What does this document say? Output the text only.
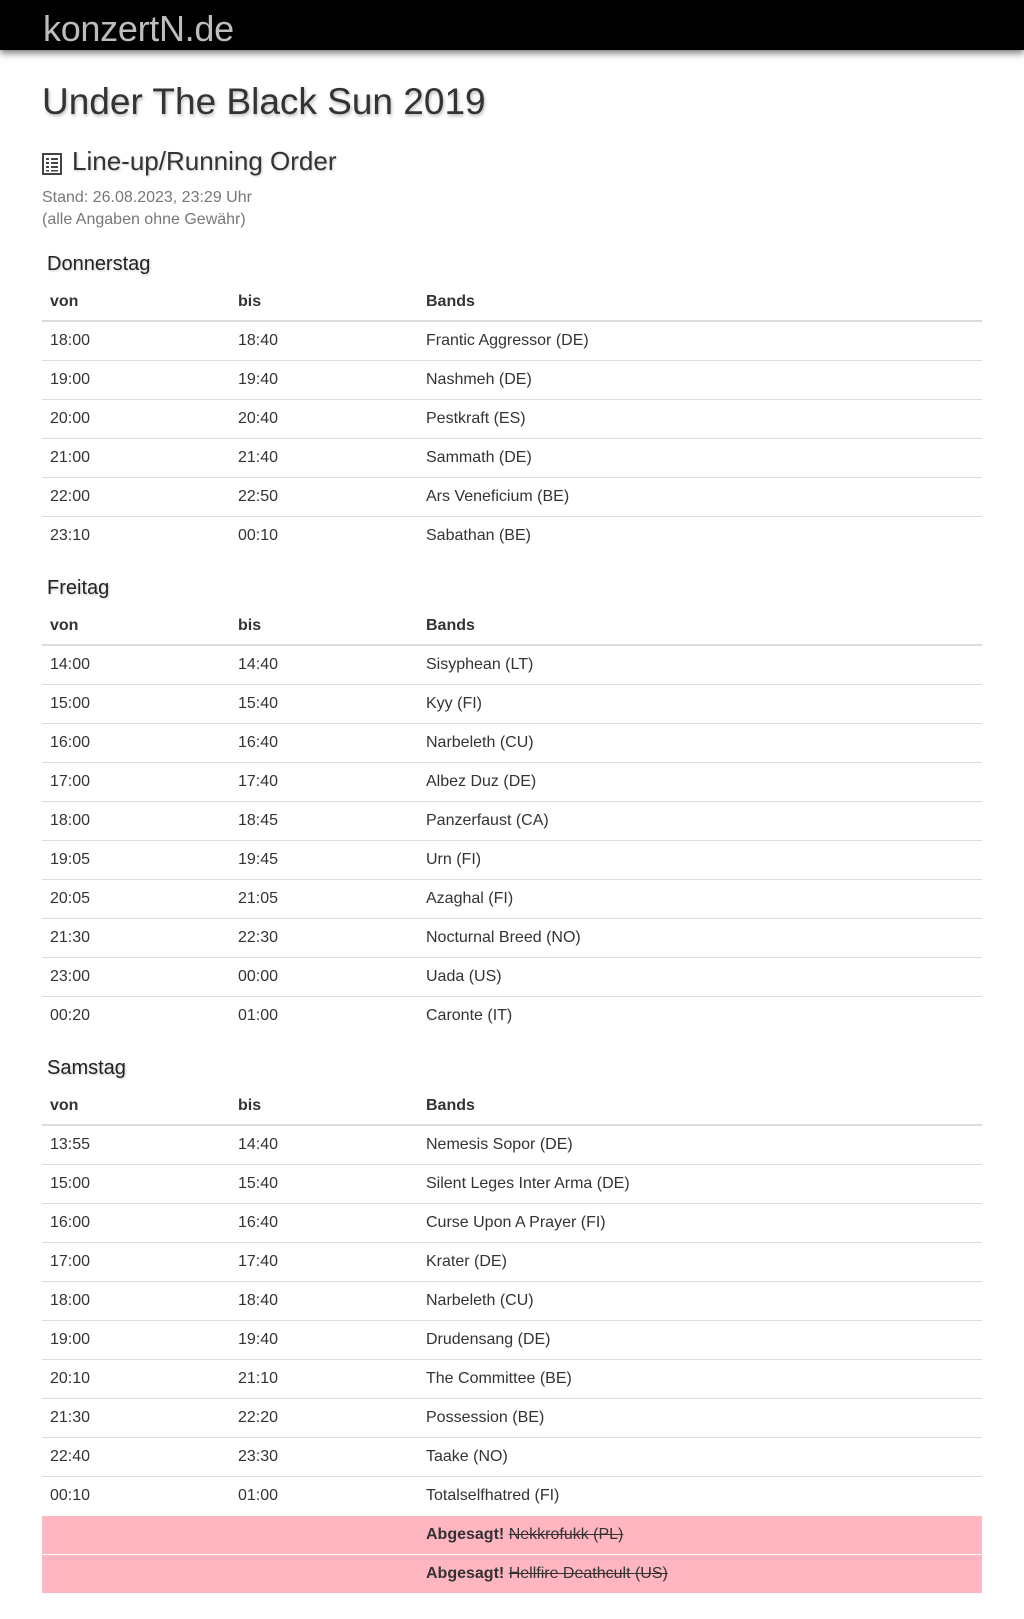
konzertN.de
Under The Black Sun 2019
Line-up/Running Order
Stand: 26.08.2023, 23:29 Uhr
(alle Angaben ohne Gewähr)
Donnerstag
von	bis	Bands
18:00	18:40	Frantic Aggressor (DE)
19:00	19:40	Nashmeh (DE)
20:00	20:40	Pestkraft (ES)
21:00	21:40	Sammath (DE)
22:00	22:50	Ars Veneficium (BE)
23:10	00:10	Sabathan (BE)
Freitag
von	bis	Bands
14:00	14:40	Sisyphean (LT)
15:00	15:40	Kyy (FI)
16:00	16:40	Narbeleth (CU)
17:00	17:40	Albez Duz (DE)
18:00	18:45	Panzerfaust (CA)
19:05	19:45	Urn (FI)
20:05	21:05	Azaghal (FI)
21:30	22:30	Nocturnal Breed (NO)
23:00	00:00	Uada (US)
00:20	01:00	Caronte (IT)
Samstag
von	bis	Bands
13:55	14:40	Nemesis Sopor (DE)
15:00	15:40	Silent Leges Inter Arma (DE)
16:00	16:40	Curse Upon A Prayer (FI)
17:00	17:40	Krater (DE)
18:00	18:40	Narbeleth (CU)
19:00	19:40	Drudensang (DE)
20:10	21:10	The Committee (BE)
21:30	22:20	Possession (BE)
22:40	23:30	Taake (NO)
00:10	01:00	Totalselfhatred (FI)
		Abgesagt! Nekkrofukk (PL)
		Abgesagt! Hellfire Deathcult (US)
